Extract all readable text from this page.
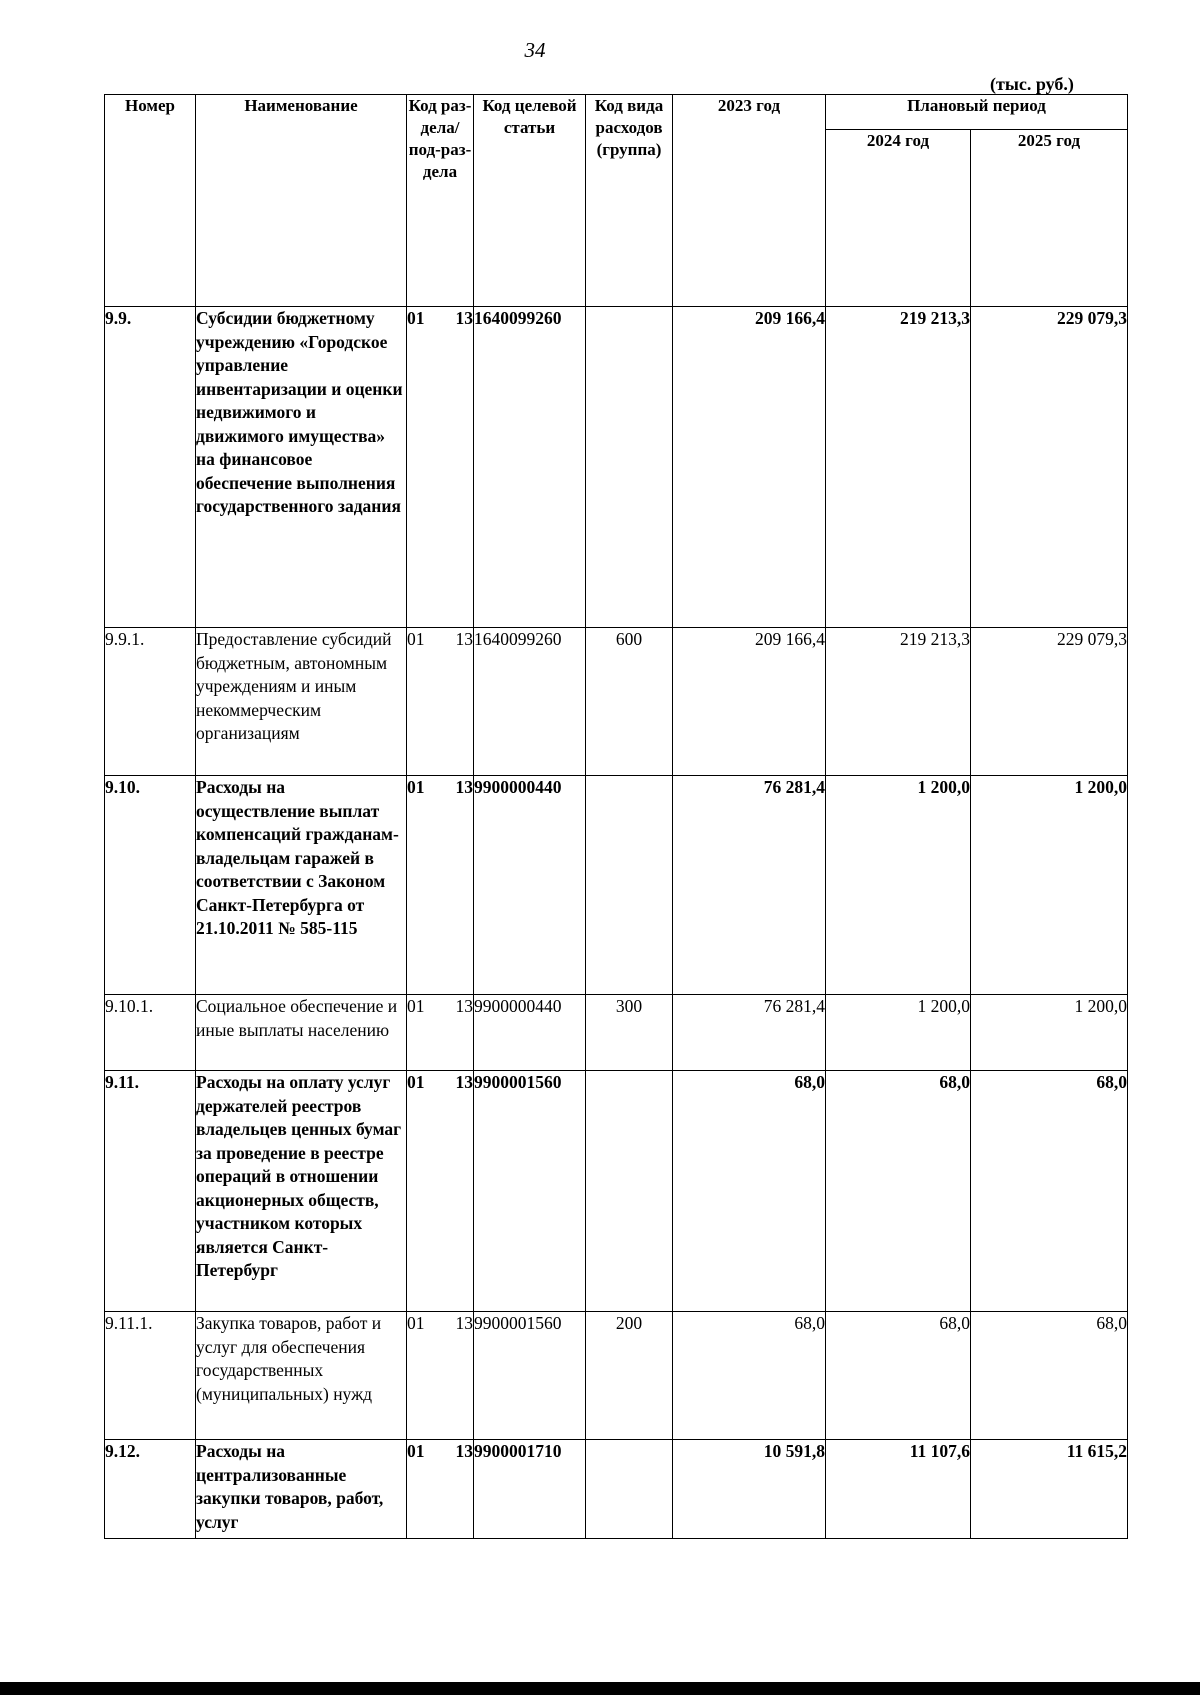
34
(тыс. руб.)
Номер	Наименование	Код раз-дела/ под-раз-дела	Код целевой статьи	Код вида расходов (группа)	2023 год	Плановый период	
						2024 год	2025 год
9.9.	Субсидии бюджетному учреждению «Городское управление инвентаризации и оценки недвижимого и движимого имущества» на финансовое обеспечение выполнения государственного задания	01 13	1640099260		209 166,4	219 213,3	229 079,3
9.9.1.	Предоставление субсидий бюджетным, автономным учреждениям и иным некоммерческим организациям	01 13	1640099260	600	209 166,4	219 213,3	229 079,3
9.10.	Расходы на осуществление выплат компенсаций гражданам-владельцам гаражей в соответствии с Законом Санкт-Петербурга от 21.10.2011 № 585-115	01 13	9900000440		76 281,4	1 200,0	1 200,0
9.10.1.	Социальное обеспечение и иные выплаты населению	01 13	9900000440	300	76 281,4	1 200,0	1 200,0
9.11.	Расходы на оплату услуг держателей реестров владельцев ценных бумаг за проведение в реестре операций в отношении акционерных обществ, участником которых является Санкт-Петербург	01 13	9900001560		68,0	68,0	68,0
9.11.1.	Закупка товаров, работ и услуг для обеспечения государственных (муниципальных) нужд	01 13	9900001560	200	68,0	68,0	68,0
9.12.	Расходы на централизованные закупки товаров, работ, услуг	01 13	9900001710		10 591,8	11 107,6	11 615,2
